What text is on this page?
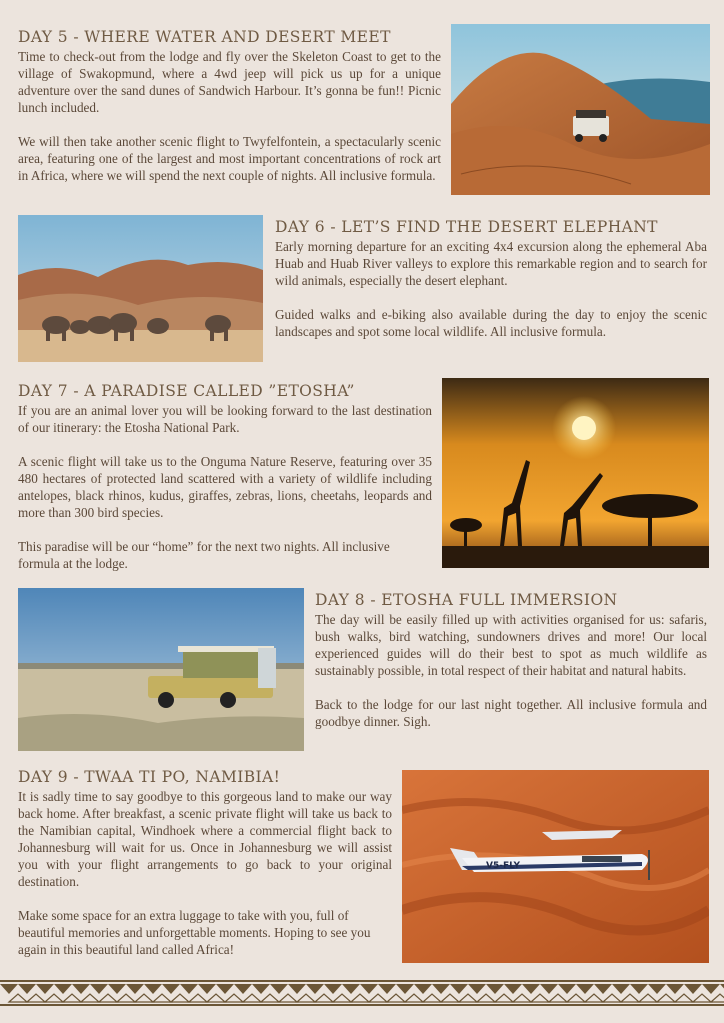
DAY 5 - WHERE WATER AND DESERT MEET

Time to check-out from the lodge and fly over the Skeleton Coast to get to the village of Swakopmund, where a 4wd jeep will pick us up for a unique adventure over the sand dunes of Sandwich Harbour. It’s gonna be fun!! Picnic lunch included.

We will then take another scenic flight to Twyfelfontein, a spectacularly scenic area, featuring one of the largest and most important concentrations of rock art in Africa, where we will spend the next couple of nights. All inclusive formula.

DAY 6 - LET’S FIND THE DESERT ELEPHANT

Early morning departure for an exciting 4x4 excursion along the ephemeral Aba Huab and Huab River valleys to explore this remarkable region and to search for wild animals, especially the desert elephant.

Guided walks and e-biking also available during the day to enjoy the scenic landscapes and spot some local wildlife. All inclusive formula.

DAY 7 - A PARADISE CALLED ”ETOSHA”

If you are an animal lover you will be looking forward to the last destination of our itinerary: the Etosha National Park.

A scenic flight will take us to the Onguma Nature Reserve, featuring over 35 480 hectares of protected land scattered with a variety of wildlife including antelopes, black rhinos, kudus, giraffes, zebras, lions, cheetahs, leopards and more than 300 bird species.

This paradise will be our “home” for the next two nights. All inclusive formula at the lodge.

DAY 8 - ETOSHA FULL IMMERSION

The day will be easily filled up with activities organised for us: safaris, bush walks, bird watching, sundowners drives and more! Our local experienced guides will do their best to spot as much wildlife as sustainably possible, in total respect of their habitat and natural habits.

Back to the lodge for our last night together. All inclusive formula and goodbye dinner. Sigh.

DAY 9 - TWAA TI PO, NAMIBIA!

It is sadly time to say goodbye to this gorgeous land to make our way back home. After breakfast, a scenic private flight will take us back to the Namibian capital, Windhoek where a commercial flight back to Johannesburg will wait for us. Once in Johannesburg we will assist you with your flight arrangements to go back to your original destination.

Make some space for an extra luggage to take with you, full of beautiful memories and unforgettable moments. Hoping to see you again in this beautiful land called Africa!

V5-FLY
